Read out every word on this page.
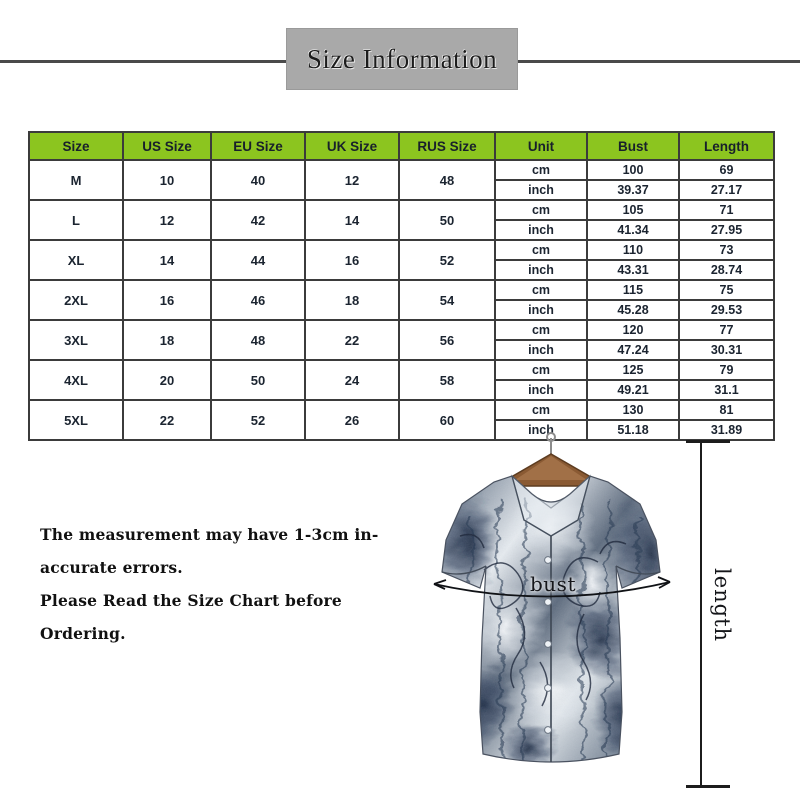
Size Information
Size	US Size	EU Size	UK Size	RUS Size	Unit	Bust	Length
M	10	40	12	48	cm	100	69
					inch	39.37	27.17
L	12	42	14	50	cm	105	71
					inch	41.34	27.95
XL	14	44	16	52	cm	110	73
					inch	43.31	28.74
2XL	16	46	18	54	cm	115	75
					inch	45.28	29.53
3XL	18	48	22	56	cm	120	77
					inch	47.24	30.31
4XL	20	50	24	58	cm	125	79
					inch	49.21	31.1
5XL	22	52	26	60	cm	130	81
					inch	51.18	31.89

The measurement may have 1-3cm in-

accurate errors.

Please Read the Size Chart before

Ordering.

bust	length
